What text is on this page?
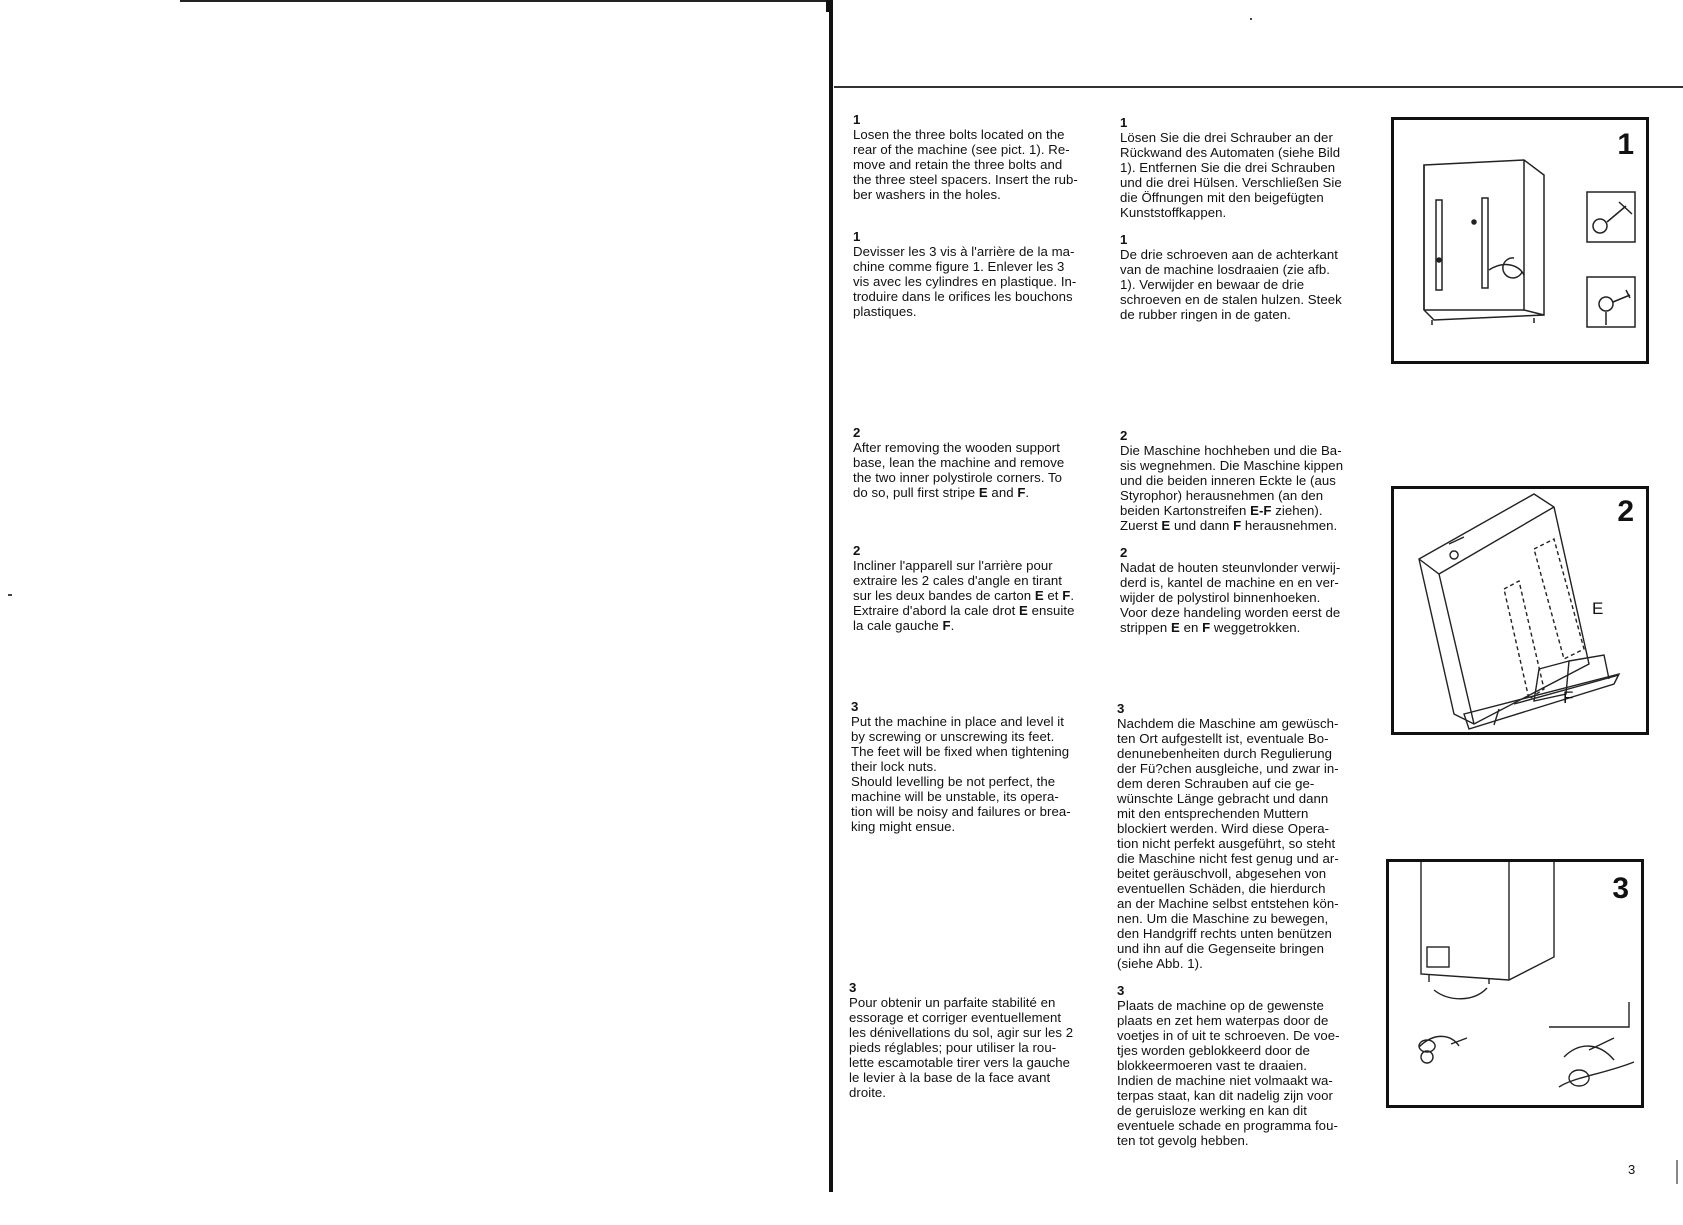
1

Losen the three bolts located on the

rear of the machine (see pict. 1). Re-

move and retain the three bolts and

the three steel spacers. Insert the rub-

ber washers in the holes.

1

Lösen Sie die drei Schrauber an der

Rückwand des Automaten (siehe Bild

1). Entfernen Sie die drei Schrauben

und die drei Hülsen. Verschließen Sie

die Öffnungen mit den beigefügten

Kunststoffkappen.

1

Devisser les 3 vis à l'arrière de la ma-

chine comme figure 1. Enlever les 3

vis avec les cylindres en plastique. In-

troduire dans le orifices les bouchons

plastiques.

1

De drie schroeven aan de achterkant

van de machine losdraaien (zie afb.

1). Verwijder en bewaar de drie

schroeven en de stalen hulzen. Steek

de rubber ringen in de gaten.

2

After removing the wooden support

base, lean the machine and remove

the two inner polystirole corners. To

do so, pull first stripe E and F.

2

Die Maschine hochheben und die Ba-

sis wegnehmen. Die Maschine kippen

und die beiden inneren Eckte le (aus

Styrophor) herausnehmen (an den

beiden Kartonstreifen E-F ziehen).

Zuerst E und dann F herausnehmen.

2

Incliner l'apparell sur l'arrière pour

extraire les 2 cales d'angle en tirant

sur les deux bandes de carton E et F.

Extraire d'abord la cale drot E ensuite

la cale gauche F.

2

Nadat de houten steunvlonder verwij-

derd is, kantel de machine en en ver-

wijder de polystirol binnenhoeken.

Voor deze handeling worden eerst de

strippen E en F weggetrokken.

3

Put the machine in place and level it

by screwing or unscrewing its feet.

The feet will be fixed when tightening

their lock nuts.

Should levelling be not perfect, the

machine will be unstable, its opera-

tion will be noisy and failures or brea-

king might ensue.

3

Nachdem die Maschine am gewüsch-

ten Ort aufgestellt ist, eventuale Bo-

denunebenheiten durch Regulierung

der Fü?chen ausgleiche, und zwar in-

dem deren Schrauben auf cie ge-

wünschte Länge gebracht und dann

mit den entsprechenden Muttern

blockiert werden. Wird diese Opera-

tion nicht perfekt ausgeführt, so steht

die Maschine nicht fest genug und ar-

beitet geräuschvoll, abgesehen von

eventuellen Schäden, die hierdurch

an der Machine selbst entstehen kön-

nen. Um die Maschine zu bewegen,

den Handgriff rechts unten benützen

und ihn auf die Gegenseite bringen

(siehe Abb. 1).

3

Pour obtenir un parfaite stabilité en

essorage et corriger eventuellement

les dénivellations du sol, agir sur les 2

pieds réglables; pour utiliser la rou-

lette escamotable tirer vers la gauche

le levier à la base de la face avant

droite.

3

Plaats de machine op de gewenste

plaats en zet hem waterpas door de

voetjes in of uit te schroeven. De voe-

tjes worden geblokkeerd door de

blokkeermoeren vast te draaien.

Indien de machine niet volmaakt wa-

terpas staat, kan dit nadelig zijn voor

de geruisloze werking en kan dit

eventuele schade en programma fou-

ten tot gevolg hebben.

1
2
E
F
3
3
